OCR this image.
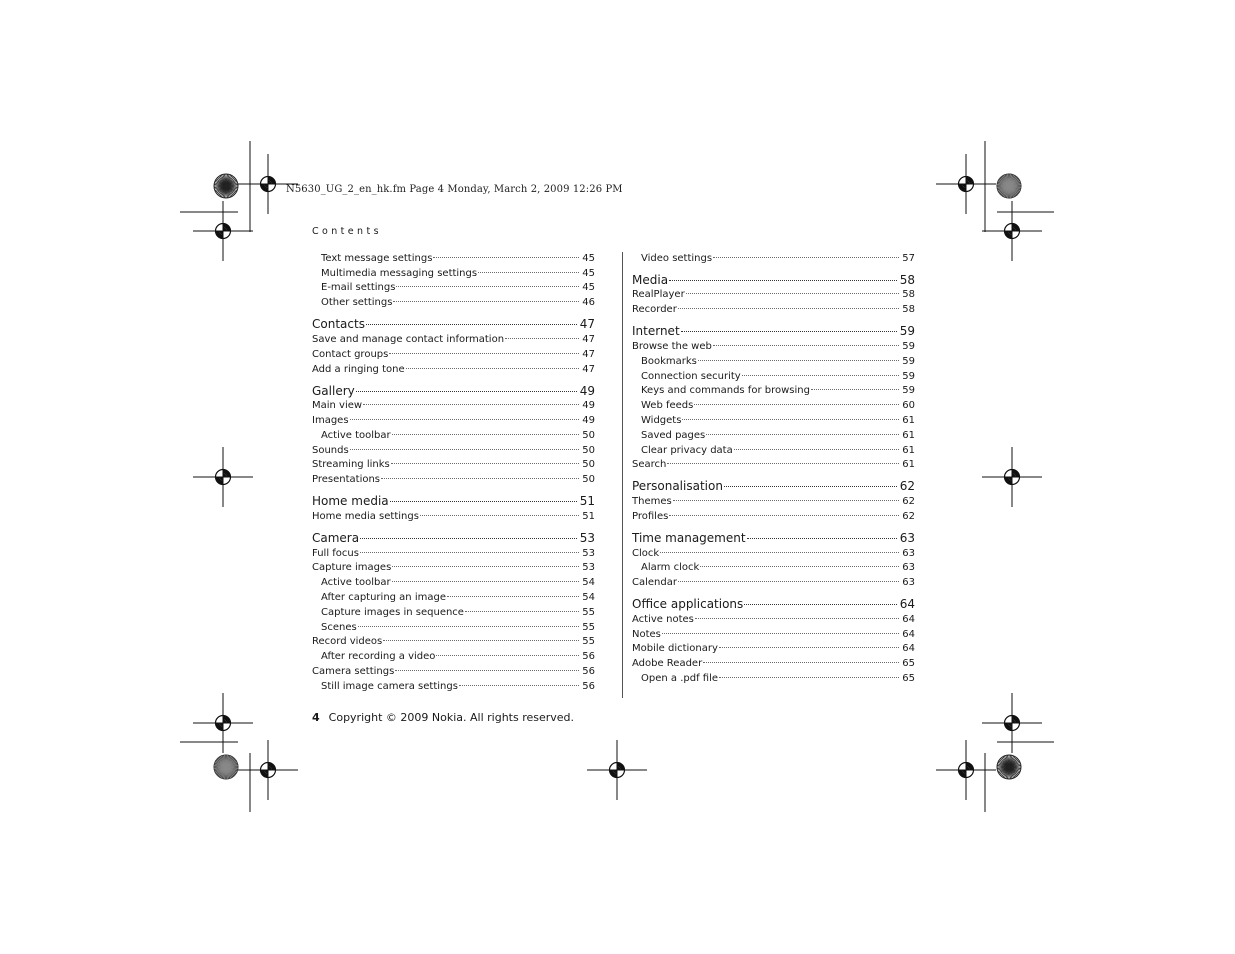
N5630_UG_2_en_hk.fm Page 4 Monday, March 2, 2009 12:26 PM
Contents
Text message settings	45
Multimedia messaging settings	45
E-mail settings	45
Other settings	46
Contacts	47
Save and manage contact information	47
Contact groups	47
Add a ringing tone	47
Gallery	49
Main view	49
Images	49
Active toolbar	50
Sounds	50
Streaming links	50
Presentations	50
Home media	51
Home media settings	51
Camera	53
Full focus	53
Capture images	53
Active toolbar	54
After capturing an image	54
Capture images in sequence	55
Scenes	55
Record videos	55
After recording a video	56
Camera settings	56
Still image camera settings	56
Video settings	57
Media	58
RealPlayer	58
Recorder	58
Internet	59
Browse the web	59
Bookmarks	59
Connection security	59
Keys and commands for browsing	59
Web feeds	60
Widgets	61
Saved pages	61
Clear privacy data	61
Search	61
Personalisation	62
Themes	62
Profiles	62
Time management	63
Clock	63
Alarm clock	63
Calendar	63
Office applications	64
Active notes	64
Notes	64
Mobile dictionary	64
Adobe Reader	65
Open a .pdf file	65
4 Copyright © 2009 Nokia. All rights reserved.
